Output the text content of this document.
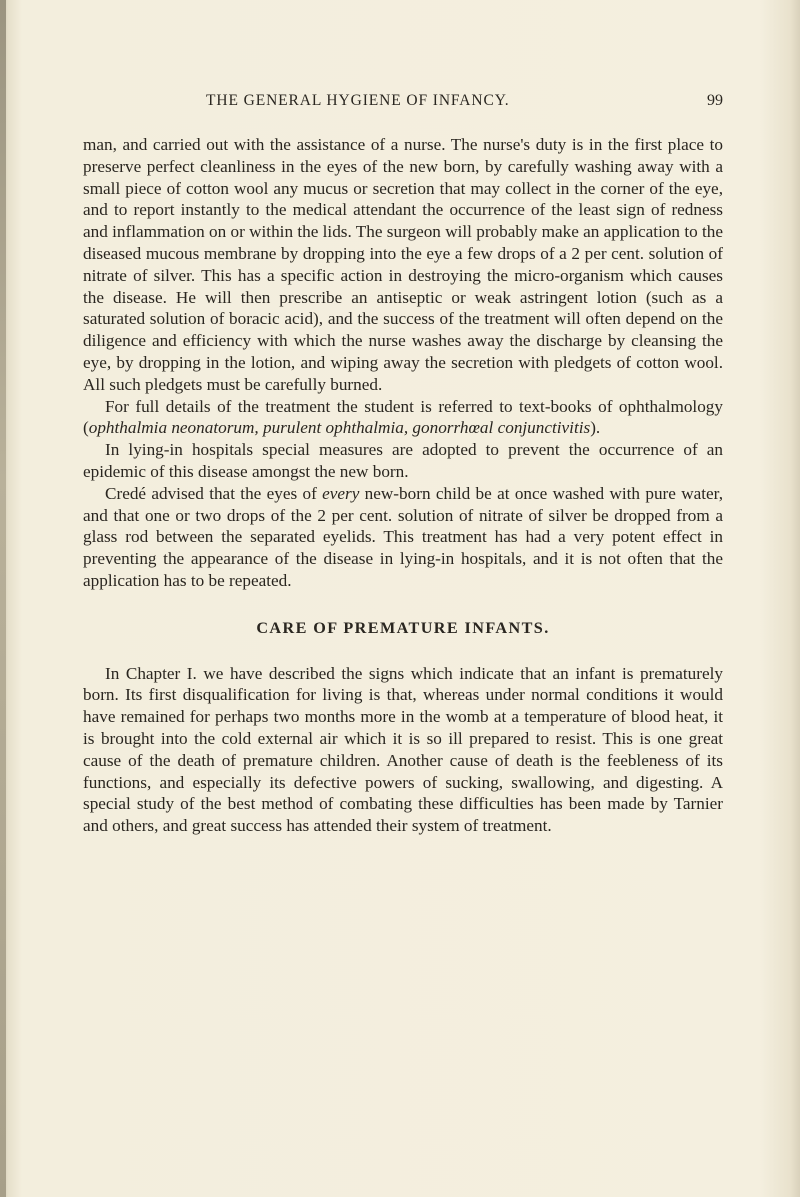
THE GENERAL HYGIENE OF INFANCY.	99

man, and carried out with the assistance of a nurse. The nurse's duty is in the first place to preserve perfect cleanliness in the eyes of the new born, by carefully washing away with a small piece of cotton wool any mucus or secretion that may collect in the corner of the eye, and to report instantly to the medical attendant the occurrence of the least sign of redness and inflammation on or within the lids. The surgeon will probably make an application to the diseased mucous membrane by dropping into the eye a few drops of a 2 per cent. solution of nitrate of silver. This has a specific action in destroying the micro-organism which causes the disease. He will then prescribe an antiseptic or weak astringent lotion (such as a saturated solution of boracic acid), and the success of the treatment will often depend on the diligence and efficiency with which the nurse washes away the discharge by cleansing the eye, by dropping in the lotion, and wiping away the secretion with pledgets of cotton wool. All such pledgets must be carefully burned.

For full details of the treatment the student is referred to text-books of ophthalmology (ophthalmia neonatorum, purulent ophthalmia, gonorrhœal conjunctivitis).

In lying-in hospitals special measures are adopted to prevent the occurrence of an epidemic of this disease amongst the new born.

Credé advised that the eyes of every new-born child be at once washed with pure water, and that one or two drops of the 2 per cent. solution of nitrate of silver be dropped from a glass rod between the separated eyelids. This treatment has had a very potent effect in preventing the appearance of the disease in lying-in hospitals, and it is not often that the application has to be repeated.

CARE OF PREMATURE INFANTS.

In Chapter I. we have described the signs which indicate that an infant is prematurely born. Its first disqualification for living is that, whereas under normal conditions it would have remained for perhaps two months more in the womb at a temperature of blood heat, it is brought into the cold external air which it is so ill prepared to resist. This is one great cause of the death of premature children. Another cause of death is the feebleness of its functions, and especially its defective powers of sucking, swallowing, and digesting. A special study of the best method of combating these difficulties has been made by Tarnier and others, and great success has attended their system of treatment.
